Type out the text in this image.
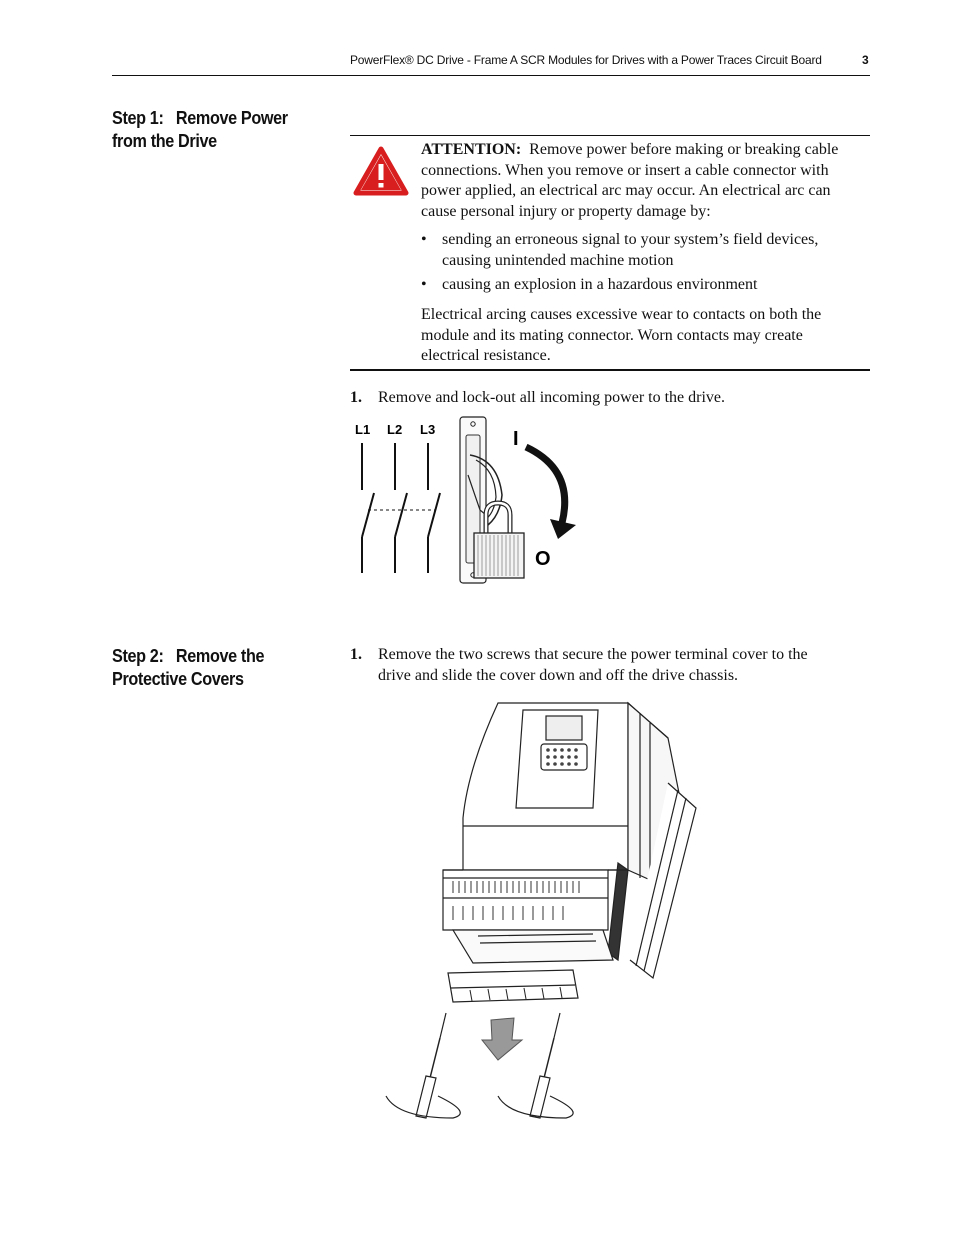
PowerFlex® DC Drive - Frame A SCR Modules for Drives with a Power Traces Circuit Board	3
Step 1: Remove Power
from the Drive	ATTENTION: Remove power before making or breaking cable
connections. When you remove or insert a cable connector with
power applied, an electrical arc may occur. An electrical arc can
cause personal injury or property damage by:
• sending an erroneous signal to your system’s field devices,
causing unintended machine motion
• causing an explosion in a hazardous environment
Electrical arcing causes excessive wear to contacts on both the
module and its mating connector. Worn contacts may create
electrical resistance.
1. Remove and lock-out all incoming power to the drive.
L1 L2 L3	I
O
Step 2: Remove the
Protective Covers
1. Remove the two screws that secure the power terminal cover to the
drive and slide the cover down and off the drive chassis.
